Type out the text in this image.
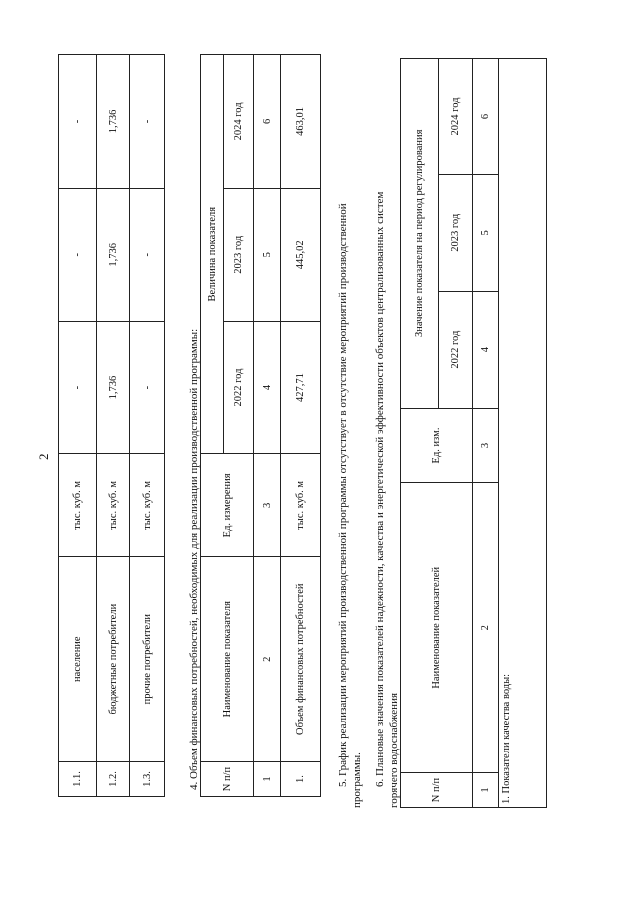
2
1.1.	население	тыс. куб. м	-	-	-
1.2.	бюджетные потребители	тыс. куб. м	1,736	1,736	1,736
1.3.	прочие потребители	тыс. куб. м	-	-	-
4. Объем финансовых потребностей, необходимых для реализации производственной программы: N п/п	Наименование показателя	Ед. измерения	Величина показателя		
			2022 год	2023 год	2024 год
1	2	3	4	5	6
1.	Объем финансовых потребностей	тыс. куб. м	427,71	445,02	463,01
5. График реализации мероприятий производственной программы отсутствует в отсутствие мероприятий производственной программы. 6. Плановые значения показателей надежности, качества и энергетической эффективности объектов централизованных систем горячего водоснабжения	N п/п	Наименование показателей	Ед. изм.	Значение показателя на период регулирования		
			2022 год	2023 год	2024 год
1	2	3	4	5	6
1. Показатели качества воды:					
